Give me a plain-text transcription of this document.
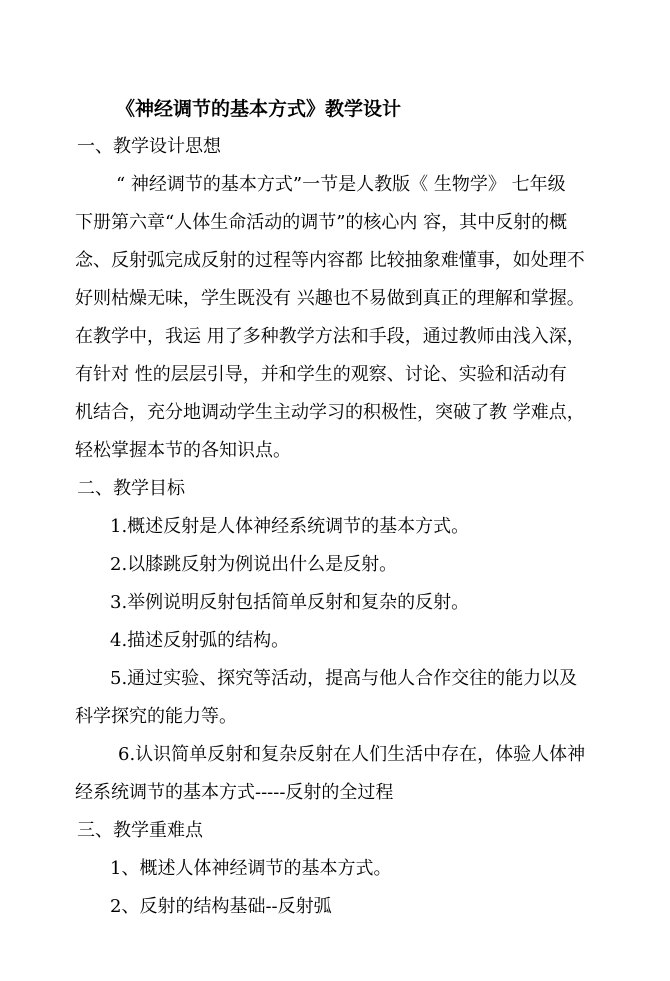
《神经调节的基本方式》教学设计
一、教学设计思想
“ 神经调节的基本方式”一节是人教版《 生物学》 七年级
下册第六章“人体生命活动的调节”的核心内 容，其中反射的概
念、反射弧完成反射的过程等内容都 比较抽象难懂事，如处理不
好则枯燥无味，学生既没有 兴趣也不易做到真正的理解和掌握。
在教学中，我运 用了多种教学方法和手段，通过教师由浅入深，
有针对 性的层层引导，并和学生的观察、讨论、实验和活动有
机结合，充分地调动学生主动学习的积极性，突破了教 学难点，
轻松掌握本节的各知识点。
二、教学目标
1.概述反射是人体神经系统调节的基本方式。
2.以膝跳反射为例说出什么是反射。
3.举例说明反射包括简单反射和复杂的反射。
4.描述反射弧的结构。
5.通过实验、探究等活动，提高与他人合作交往的能力以及
科学探究的能力等。
6.认识简单反射和复杂反射在人们生活中存在，体验人体神
经系统调节的基本方式-----反射的全过程
三、教学重难点
1、概述人体神经调节的基本方式。
2、反射的结构基础--反射弧
